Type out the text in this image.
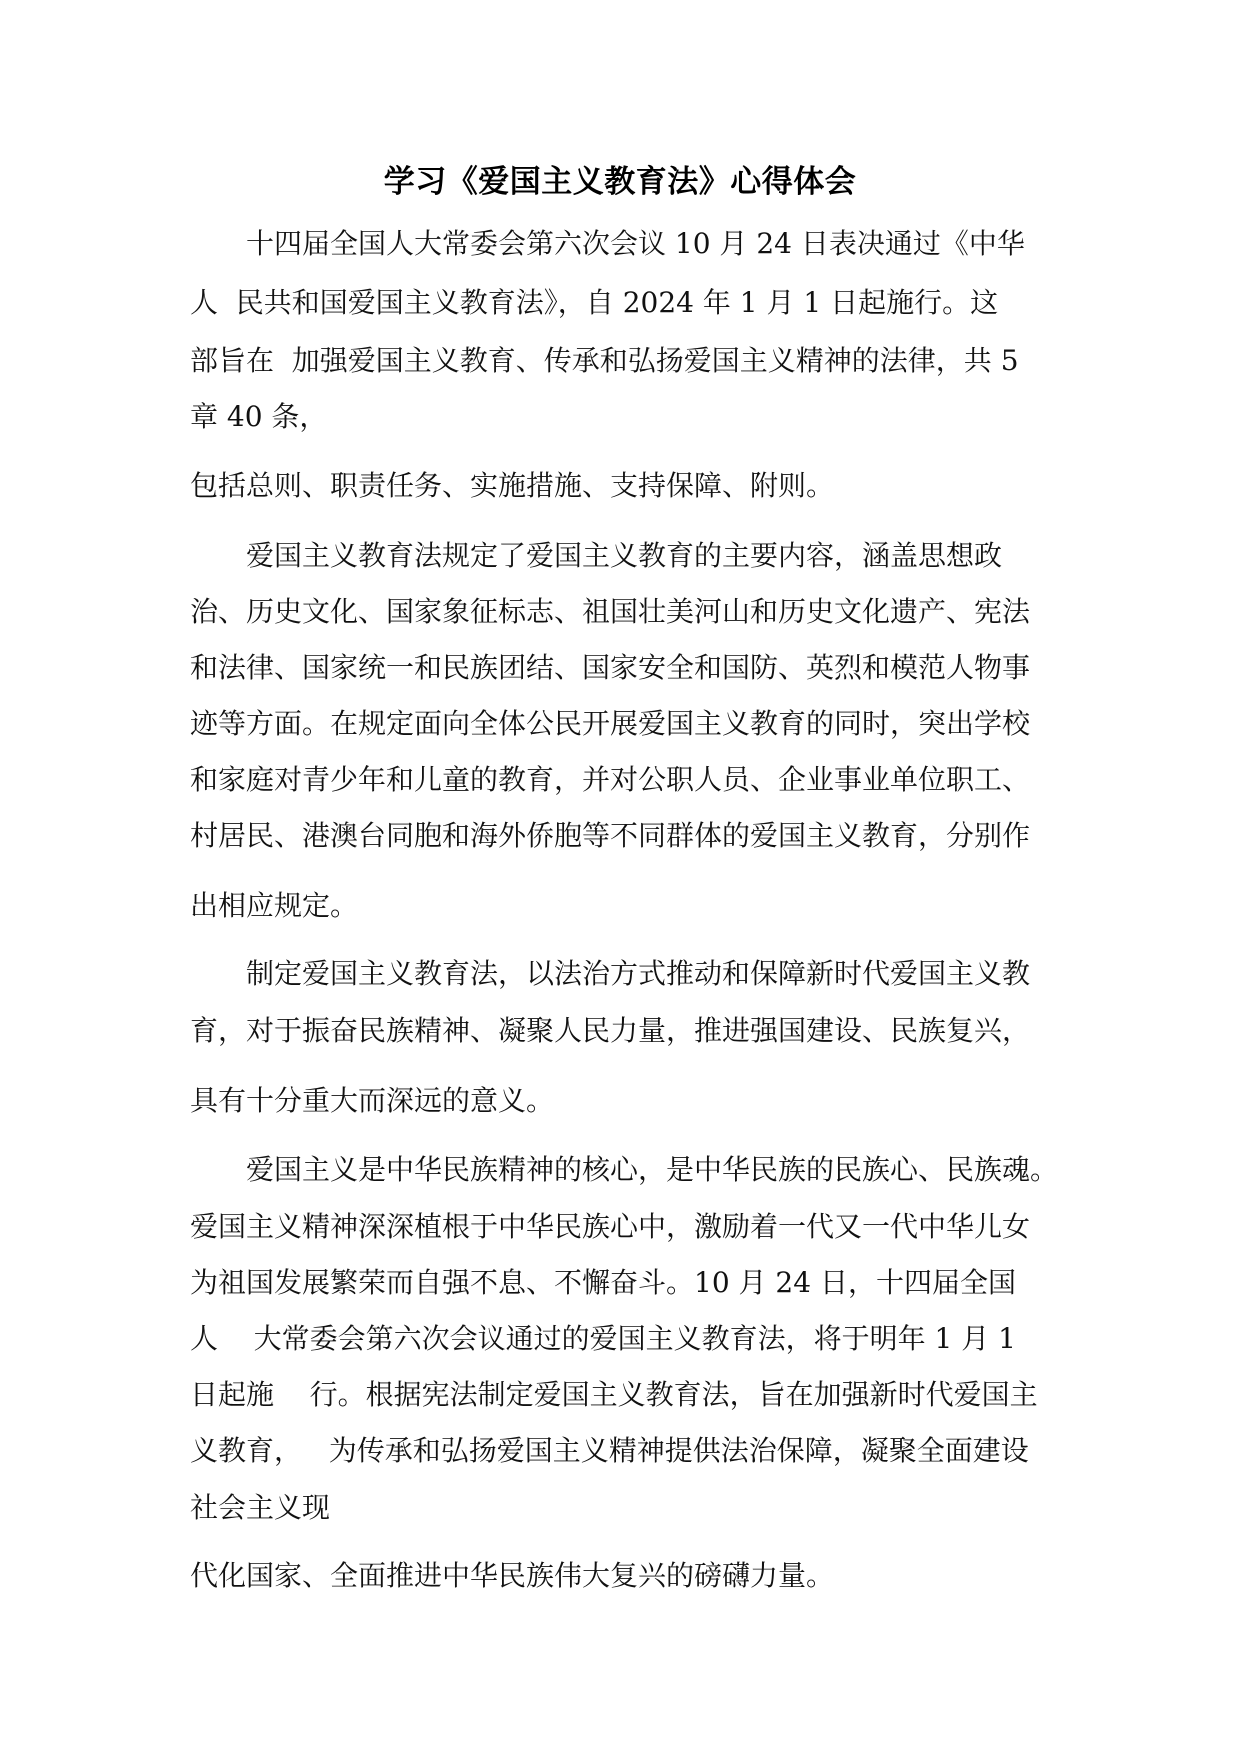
学习《爱国主义教育法》心得体会
十四届全国人大常委会第六次会议 10 月 24 日表决通过《中华
人  民共和国爱国主义教育法》，自 2024 年 1 月 1 日起施行。这
部旨在  加强爱国主义教育、传承和弘扬爱国主义精神的法律，共 5
章 40 条，
包括总则、职责任务、实施措施、支持保障、附则。
爱国主义教育法规定了爱国主义教育的主要内容，涵盖思想政
治、历史文化、国家象征标志、祖国壮美河山和历史文化遗产、宪法
和法律、国家统一和民族团结、国家安全和国防、英烈和模范人物事
迹等方面。在规定面向全体公民开展爱国主义教育的同时，突出学校
和家庭对青少年和儿童的教育，并对公职人员、企业事业单位职工、
村居民、港澳台同胞和海外侨胞等不同群体的爱国主义教育，分别作
出相应规定。
制定爱国主义教育法，以法治方式推动和保障新时代爱国主义教
育，对于振奋民族精神、凝聚人民力量，推进强国建设、民族复兴，
具有十分重大而深远的意义。
爱国主义是中华民族精神的核心，是中华民族的民族心、民族魂。
爱国主义精神深深植根于中华民族心中，激励着一代又一代中华儿女
为祖国发展繁荣而自强不息、不懈奋斗。10 月 24 日，十四届全国
人    大常委会第六次会议通过的爱国主义教育法，将于明年 1 月 1
日起施    行。根据宪法制定爱国主义教育法，旨在加强新时代爱国主
义教育，   为传承和弘扬爱国主义精神提供法治保障，凝聚全面建设
社会主义现
代化国家、全面推进中华民族伟大复兴的磅礴力量。
